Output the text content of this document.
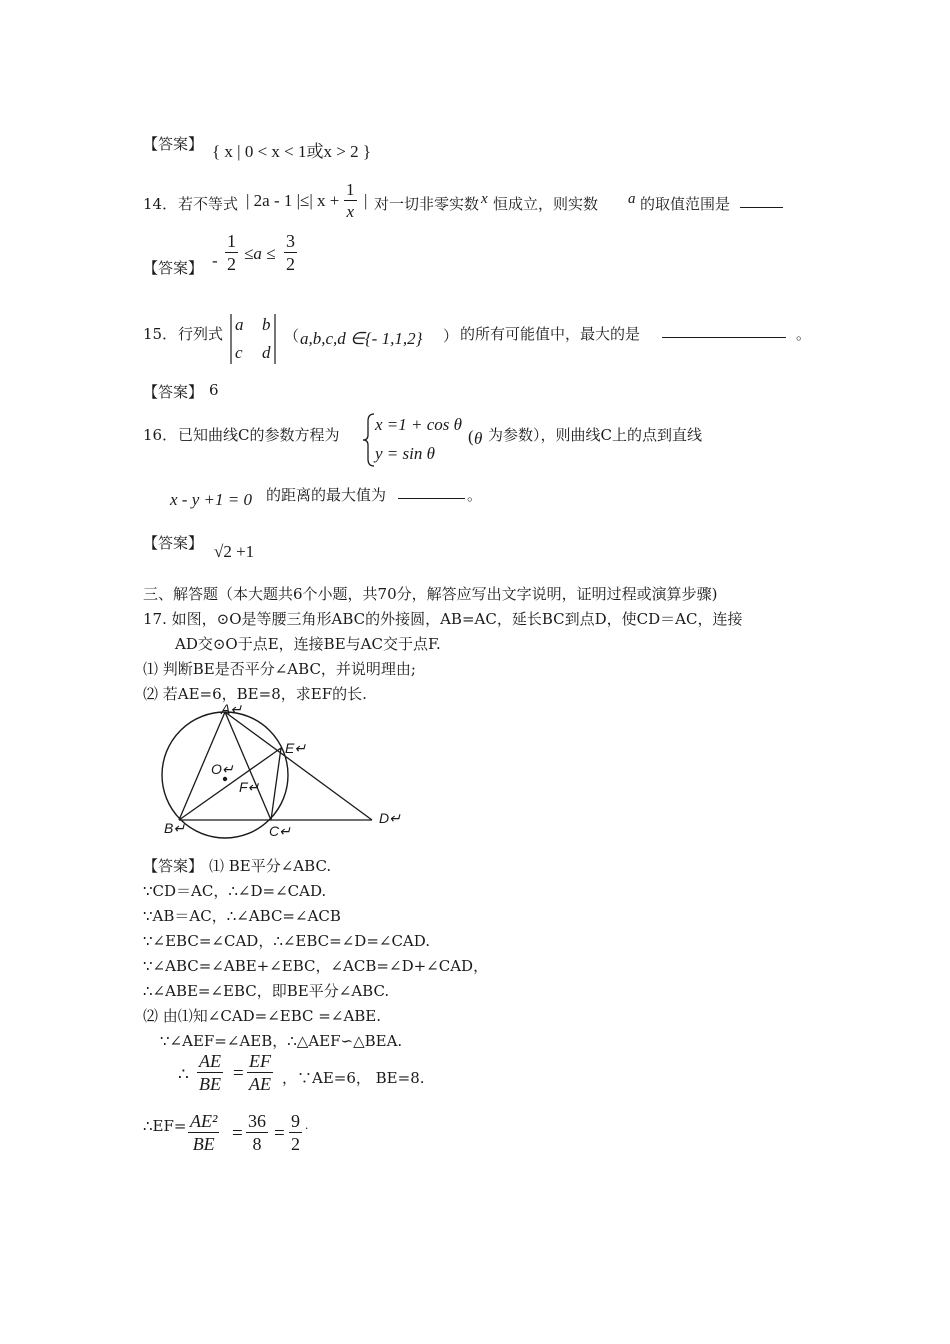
【答案】 { x | 0 < x < 1或x > 2 }
14． 若不等式 | 2a - 1 |≤| $x + \frac{1}{x}$ | 对一切非零实数 x 恒成立，则实数 a 的取值范围是
【答案】 - $\frac{1}{2} \le a \le \frac{3}{2}$
15． 行列式 a b
c d
（ a,b,c,d ∈{- 1,1,2} ） 的所有可能值中，最大的是	。
【答案】 6
16． 已知曲线C的参数方程为
x =1 + cos θ
y = sin θ
( θ 为参数），则曲线C上的点到直线
x - y +1 = 0 的距离的最大值为	。
【答案】 √2 +1
三、解答题（本大题共6个小题，共70分，解答应写出文字说明，证明过程或演算步骤)
17. 如图，⊙O是等腰三角形ABC的外接圆，AB=AC，延长BC到点D，使CD＝AC，连接
AD交⊙O于点E，连接BE与AC交于点F.
⑴ 判断BE是否平分∠ABC，并说明理由;
⑵ 若AE=6，BE=8，求EF的长.
A↵
E↵
O↵
F↵
B↵	C↵
D↵
【答案】 ⑴ BE平分∠ABC.
∵CD＝AC，∴∠D=∠CAD.
∵AB＝AC，∴∠ABC=∠ACB
∵∠EBC=∠CAD，∴∠EBC=∠D=∠CAD.
∵∠ABC=∠ABE+∠EBC，∠ACB=∠D+∠CAD，
∴∠ABE=∠EBC，即BE平分∠ABC.
⑵ 由⑴知∠CAD=∠EBC =∠ABE.
∵∠AEF=∠AEB，∴△AEF∽△BEA.
∴ $\frac{AE}{BE} = \frac{EF}{AE}$ ，∵AE=6， BE=8.
∴EF= $\frac{\text{AE²}}{BE} = \frac{36}{8} = \frac{9}{2}$ .
